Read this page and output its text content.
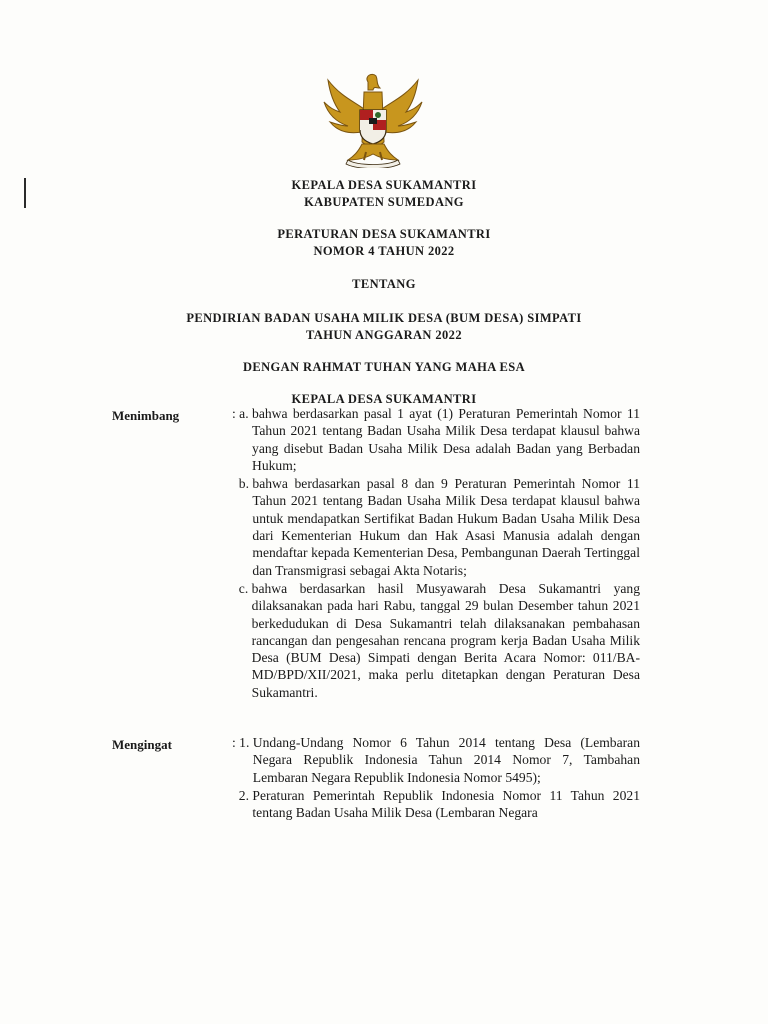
KEPALA DESA SUKAMANTRI
KABUPATEN SUMEDANG
PERATURAN DESA SUKAMANTRI
NOMOR 4 TAHUN 2022
TENTANG
PENDIRIAN BADAN USAHA MILIK DESA (BUM DESA) SIMPATI
TAHUN ANGGARAN 2022
DENGAN RAHMAT TUHAN YANG MAHA ESA
KEPALA DESA SUKAMANTRI
Menimbang	: a. bahwa berdasarkan pasal 1 ayat (1) Peraturan Pemerintah Nomor 11 Tahun 2021 tentang Badan Usaha Milik Desa terdapat klausul bahwa yang disebut Badan Usaha Milik Desa adalah Badan yang Berbadan Hukum;
b. bahwa berdasarkan pasal 8 dan 9 Peraturan Pemerintah Nomor 11 Tahun 2021 tentang Badan Usaha Milik Desa terdapat klausul bahwa untuk mendapatkan Sertifikat Badan Hukum Badan Usaha Milik Desa dari Kementerian Hukum dan Hak Asasi Manusia adalah dengan mendaftar kepada Kementerian Desa, Pembangunan Daerah Tertinggal dan Transmigrasi sebagai Akta Notaris;
c. bahwa berdasarkan hasil Musyawarah Desa Sukamantri yang dilaksanakan pada hari Rabu, tanggal 29 bulan Desember tahun 2021 berkedudukan di Desa Sukamantri telah dilaksanakan pembahasan rancangan dan pengesahan rencana program kerja Badan Usaha Milik Desa (BUM Desa) Simpati dengan Berita Acara Nomor: 011/BA-MD/BPD/XII/2021, maka perlu ditetapkan dengan Peraturan Desa Sukamantri.
Mengingat	: 1. Undang-Undang Nomor 6 Tahun 2014 tentang Desa (Lembaran Negara Republik Indonesia Tahun 2014 Nomor 7, Tambahan Lembaran Negara Republik Indonesia Nomor 5495);
2. Peraturan Pemerintah Republik Indonesia Nomor 11 Tahun 2021 tentang Badan Usaha Milik Desa (Lembaran Negara
